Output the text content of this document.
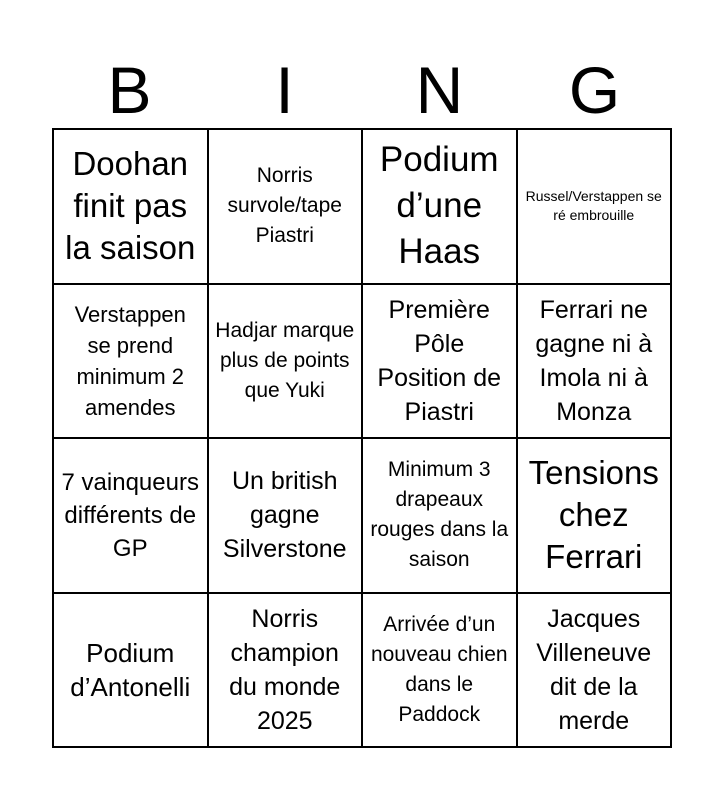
B	I	N	G
Doohan finit pas la saison
Norris survole/tape Piastri
Podium d’une Haas
Russel/Verstappen se ré embrouille
Verstappen se prend minimum 2 amendes
Hadjar marque plus de points que Yuki
Première Pôle Position de Piastri
Ferrari ne gagne ni à Imola ni à Monza
7 vainqueurs différents de GP
Un british gagne Silverstone
Minimum 3 drapeaux rouges dans la saison
Tensions chez Ferrari
Podium d’Antonelli
Norris champion du monde 2025
Arrivée d’un nouveau chien dans le Paddock
Jacques Villeneuve dit de la merde
